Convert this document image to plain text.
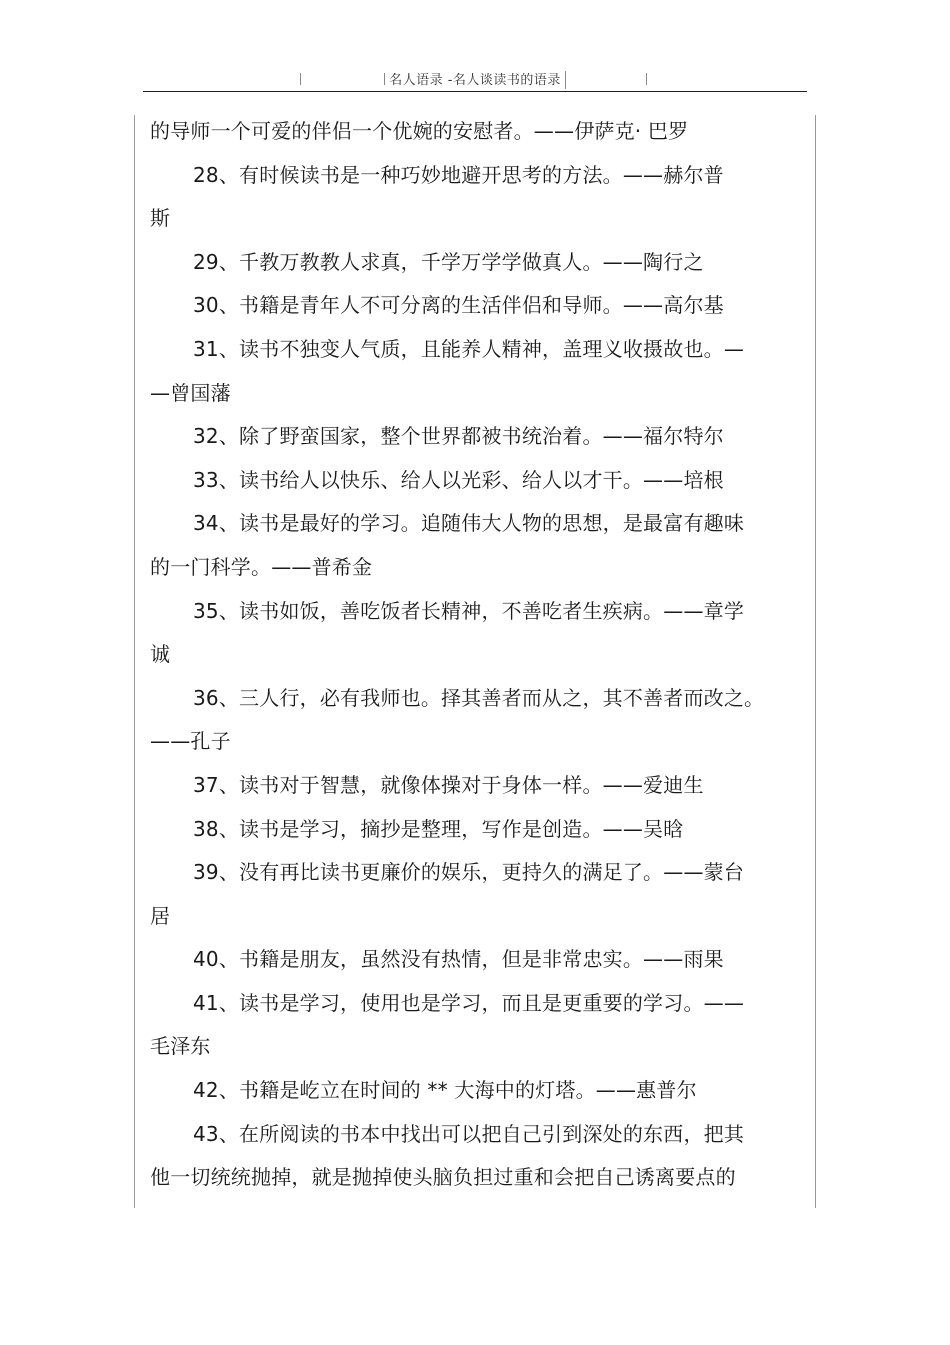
名人语录 -名人谈读书的语录
的导师一个可爱的伴侣一个优婉的安慰者。——伊萨克· 巴罗
28、有时候读书是一种巧妙地避开思考的方法。——赫尔普
斯
29、千教万教教人求真，千学万学学做真人。——陶行之
30、书籍是青年人不可分离的生活伴侣和导师。——高尔基
31、读书不独变人气质，且能养人精神，盖理义收摄故也。—
—曾国藩
32、除了野蛮国家，整个世界都被书统治着。——福尔特尔
33、读书给人以快乐、给人以光彩、给人以才干。——培根
34、读书是最好的学习。追随伟大人物的思想，是最富有趣味
的一门科学。——普希金
35、读书如饭，善吃饭者长精神，不善吃者生疾病。——章学
诚
36、三人行，必有我师也。择其善者而从之，其不善者而改之。
——孔子
37、读书对于智慧，就像体操对于身体一样。——爱迪生
38、读书是学习，摘抄是整理，写作是创造。——吴晗
39、没有再比读书更廉价的娱乐，更持久的满足了。——蒙台
居
40、书籍是朋友，虽然没有热情，但是非常忠实。——雨果
41、读书是学习，使用也是学习，而且是更重要的学习。——
毛泽东
42、书籍是屹立在时间的 ** 大海中的灯塔。——惠普尔
43、在所阅读的书本中找出可以把自己引到深处的东西，把其
他一切统统抛掉，就是抛掉使头脑负担过重和会把自己诱离要点的
